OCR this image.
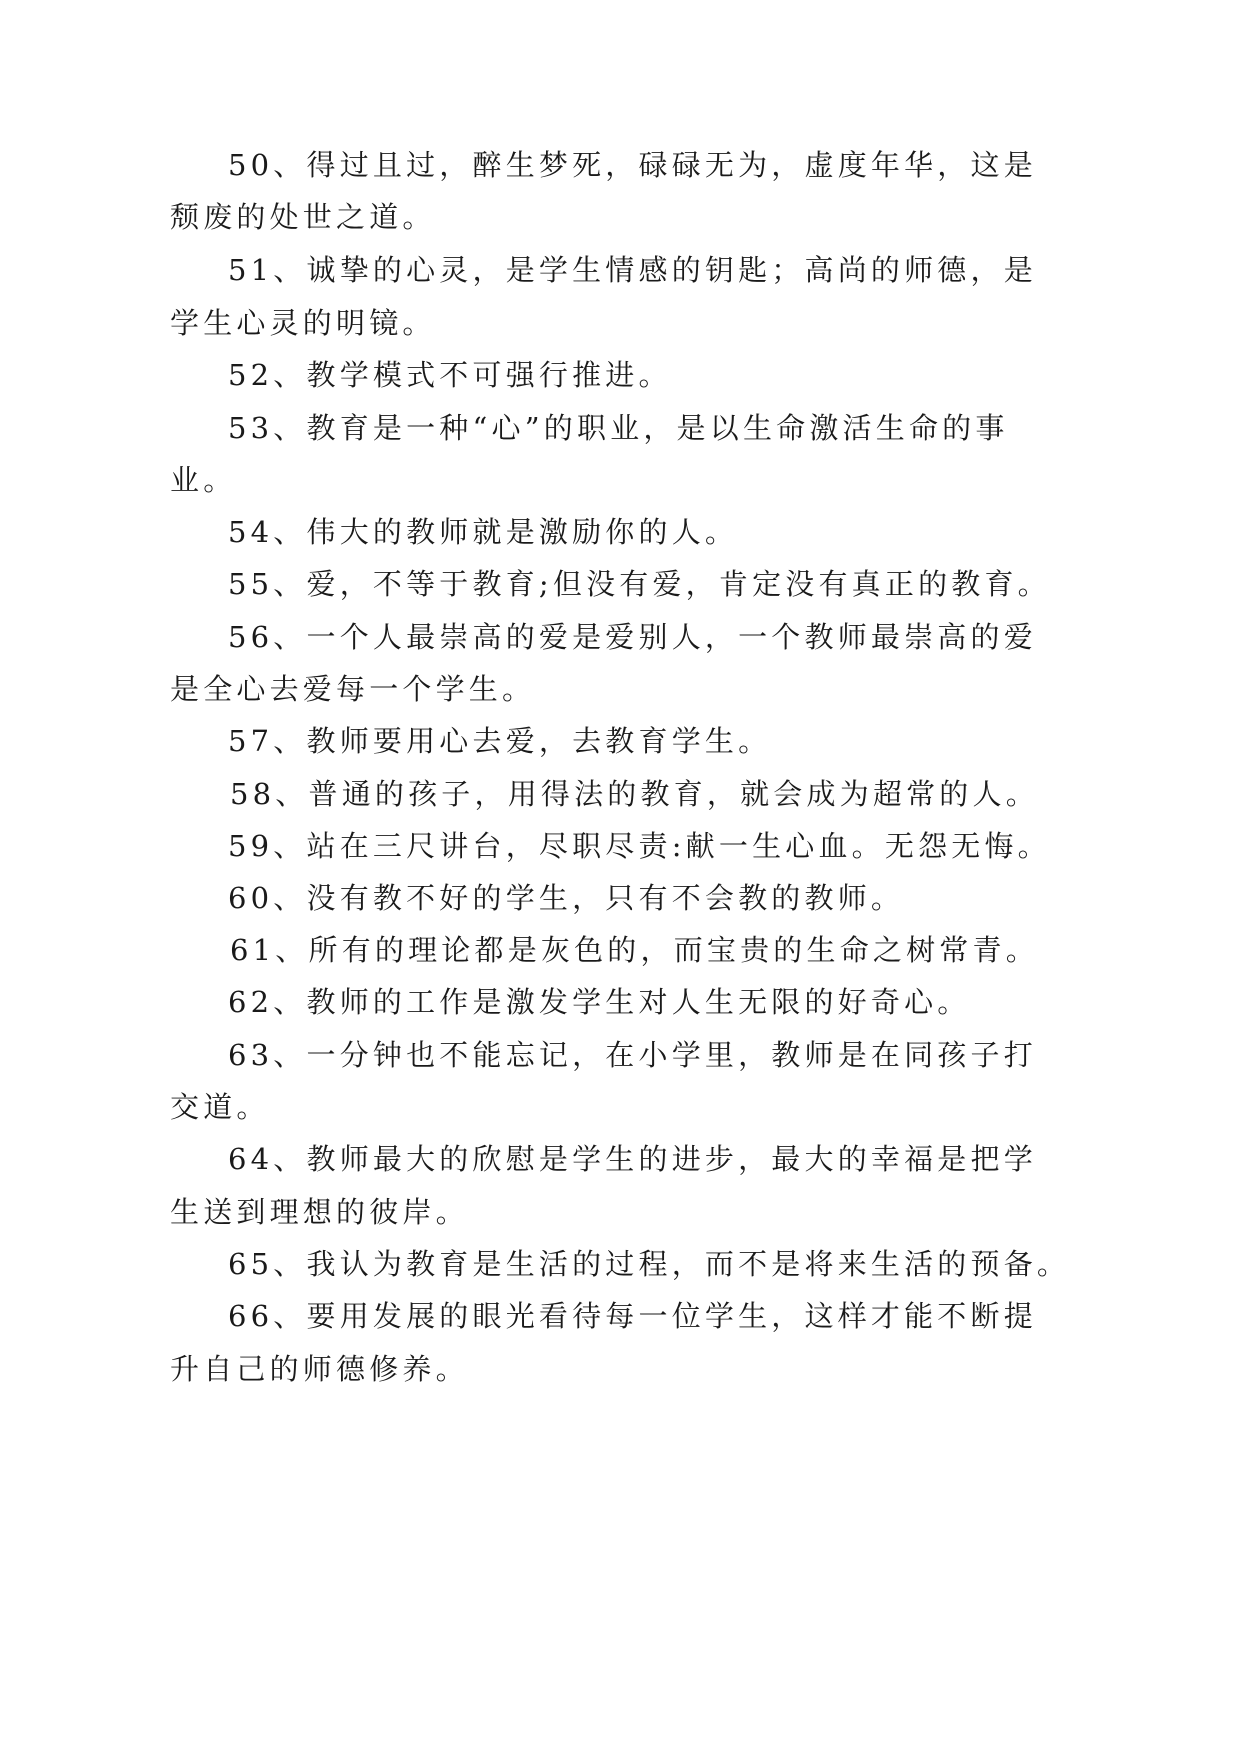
50、得过且过，醉生梦死，碌碌无为，虚度年华，这是
颓废的处世之道。
51、诚挚的心灵，是学生情感的钥匙；高尚的师德，是
学生心灵的明镜。
52、教学模式不可强行推进。
53、教育是一种“心”的职业，是以生命激活生命的事
业。
54、伟大的教师就是激励你的人。
55、爱，不等于教育;但没有爱，肯定没有真正的教育。
56、一个人最崇高的爱是爱别人，一个教师最崇高的爱
是全心去爱每一个学生。
57、教师要用心去爱，去教育学生。
58、普通的孩子，用得法的教育，就会成为超常的人。
59、站在三尺讲台，尽职尽责:献一生心血。无怨无悔。
60、没有教不好的学生，只有不会教的教师。
61、所有的理论都是灰色的，而宝贵的生命之树常青。
62、教师的工作是激发学生对人生无限的好奇心。
63、一分钟也不能忘记，在小学里，教师是在同孩子打
交道。
64、教师最大的欣慰是学生的进步，最大的幸福是把学
生送到理想的彼岸。
65、我认为教育是生活的过程，而不是将来生活的预备。
66、要用发展的眼光看待每一位学生，这样才能不断提
升自己的师德修养。
